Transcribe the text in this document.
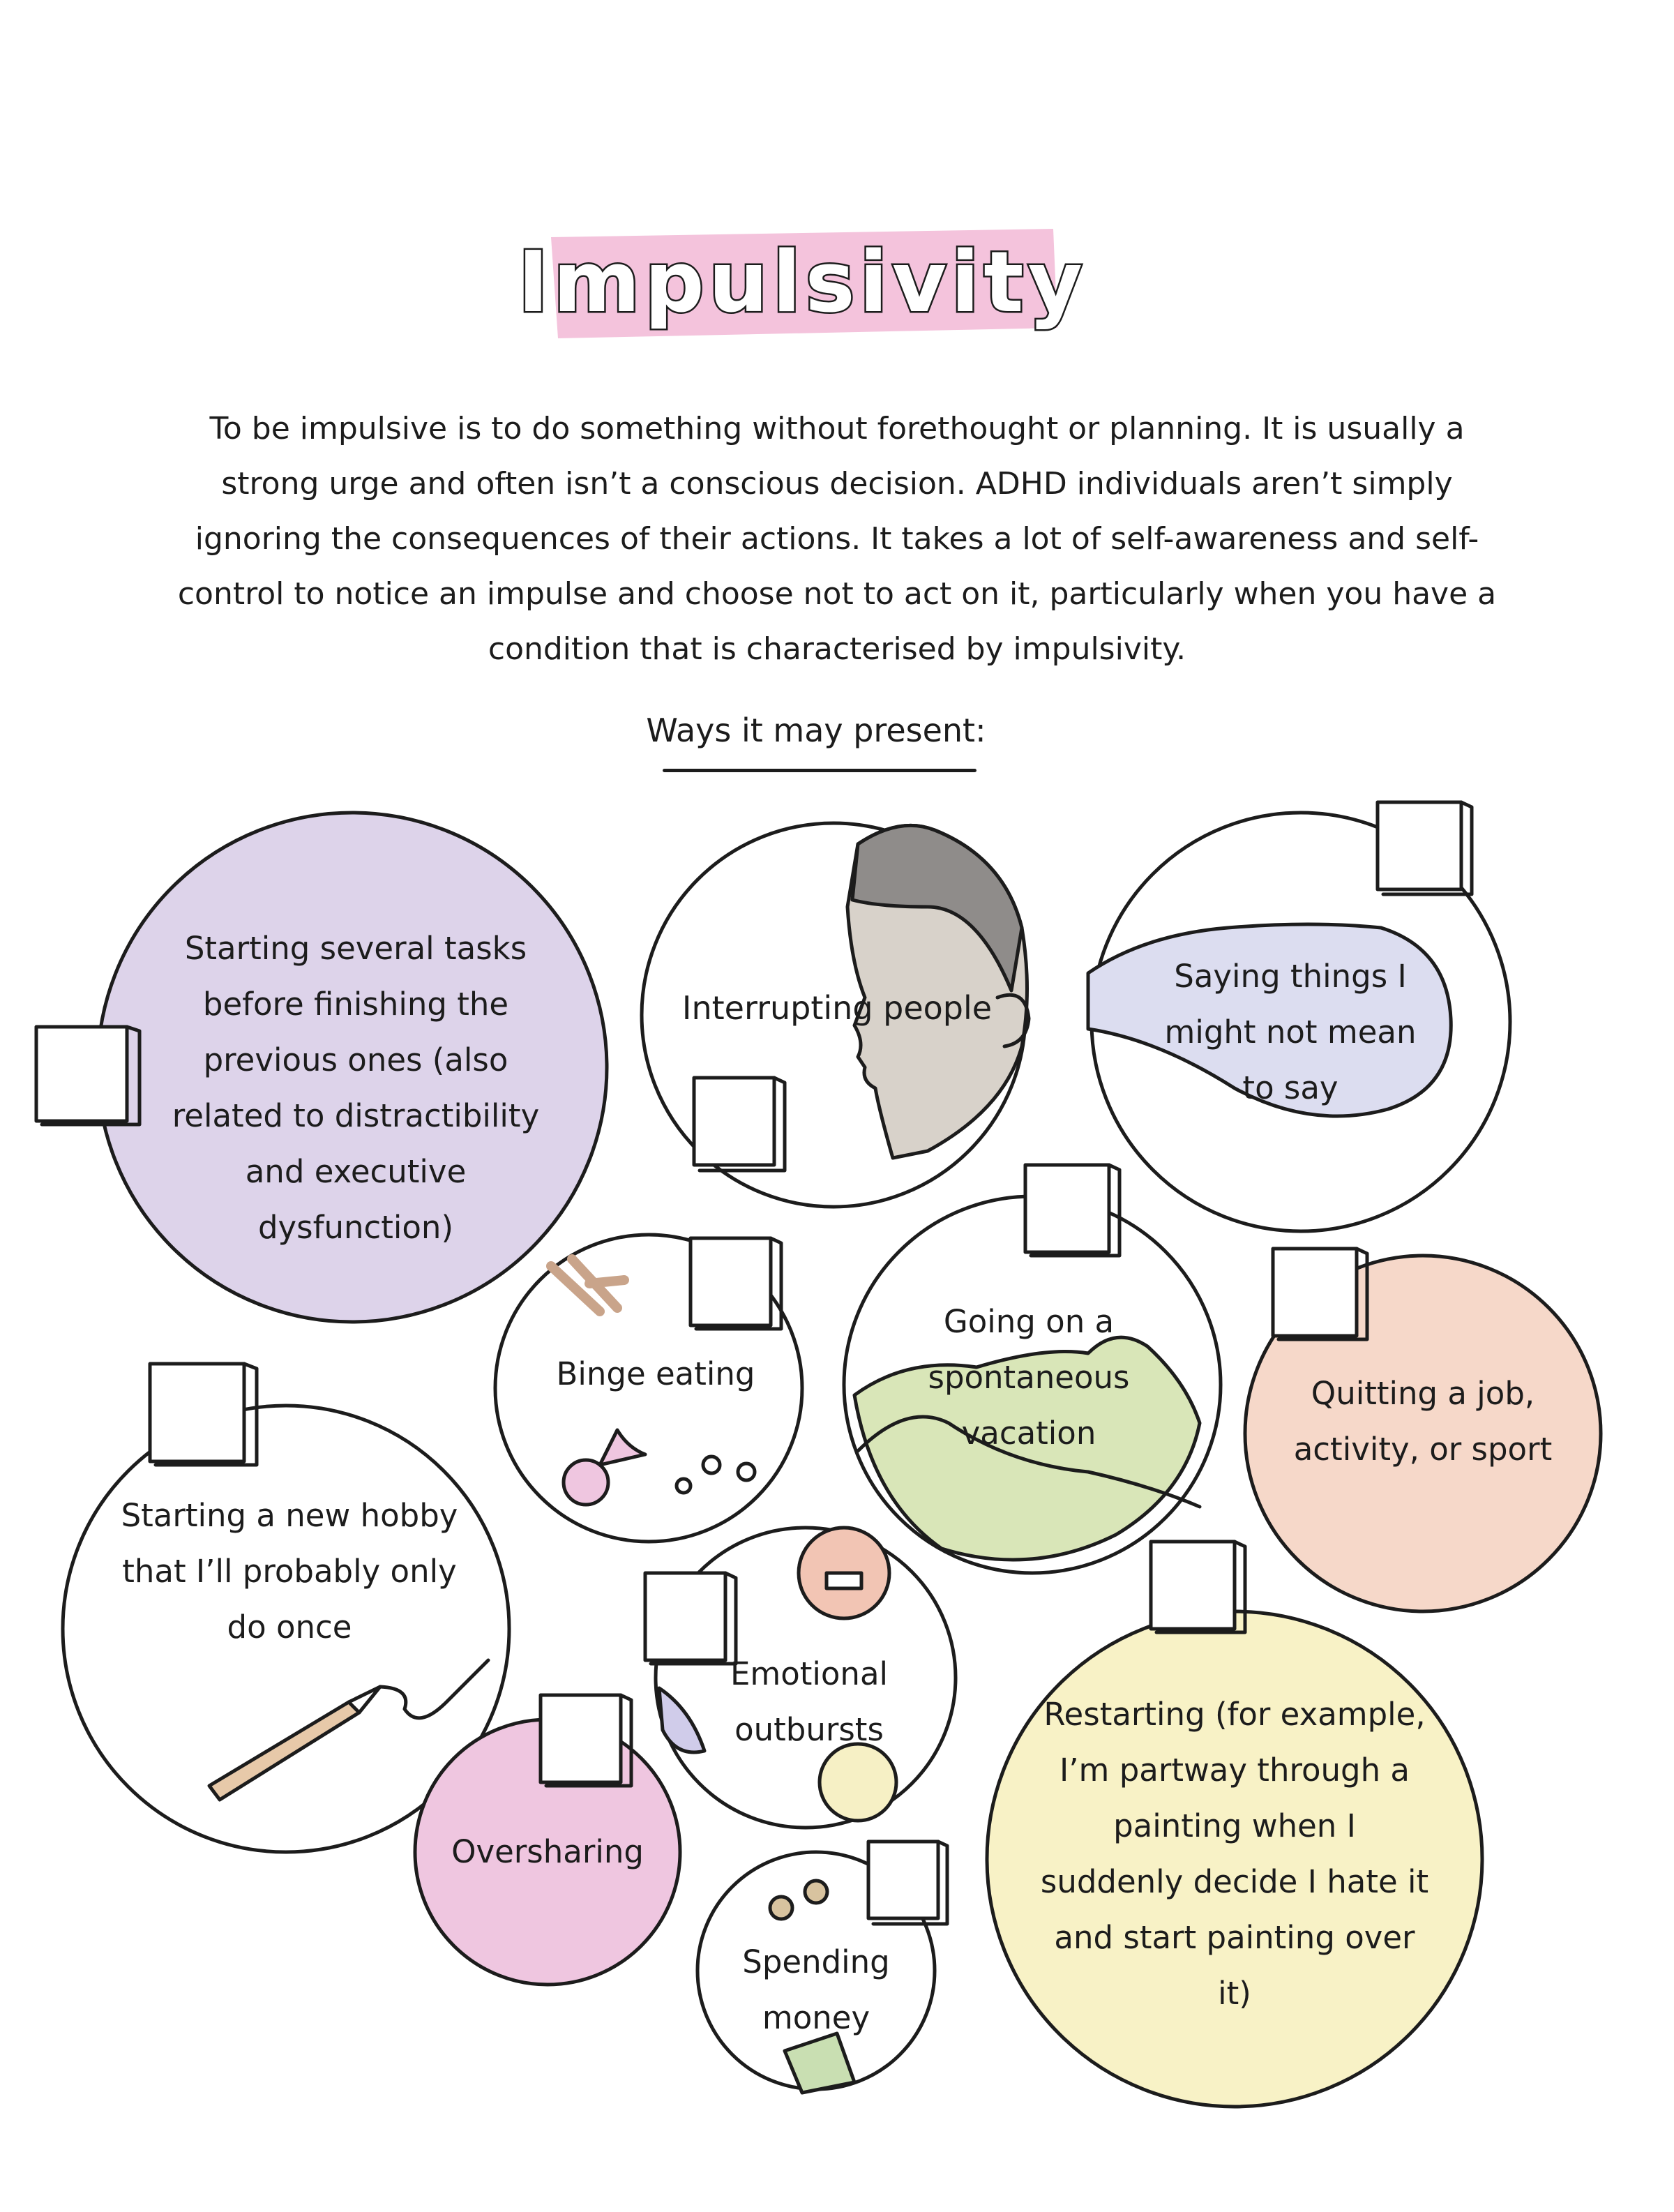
Impulsivity
To be impulsive is to do something without forethought or planning. It is usually a strong urge and often isn’t a conscious decision. ADHD individuals aren’t simply ignoring the consequences of their actions. It takes a lot of self-awareness and self-control to notice an impulse and choose not to act on it, particularly when you have a condition that is characterised by impulsivity.
Ways it may present:
Starting several tasks before finishing the previous ones (also related to distractibility and executive dysfunction)
Interrupting people
Saying things I might not mean to say
Binge eating
Going on a spontaneous vacation
Quitting a job, activity, or sport
Starting a new hobby that I’ll probably only do once
Emotional outbursts
Oversharing
Spending money
Restarting (for example, I’m partway through a painting when I suddenly decide I hate it and start painting over it)
